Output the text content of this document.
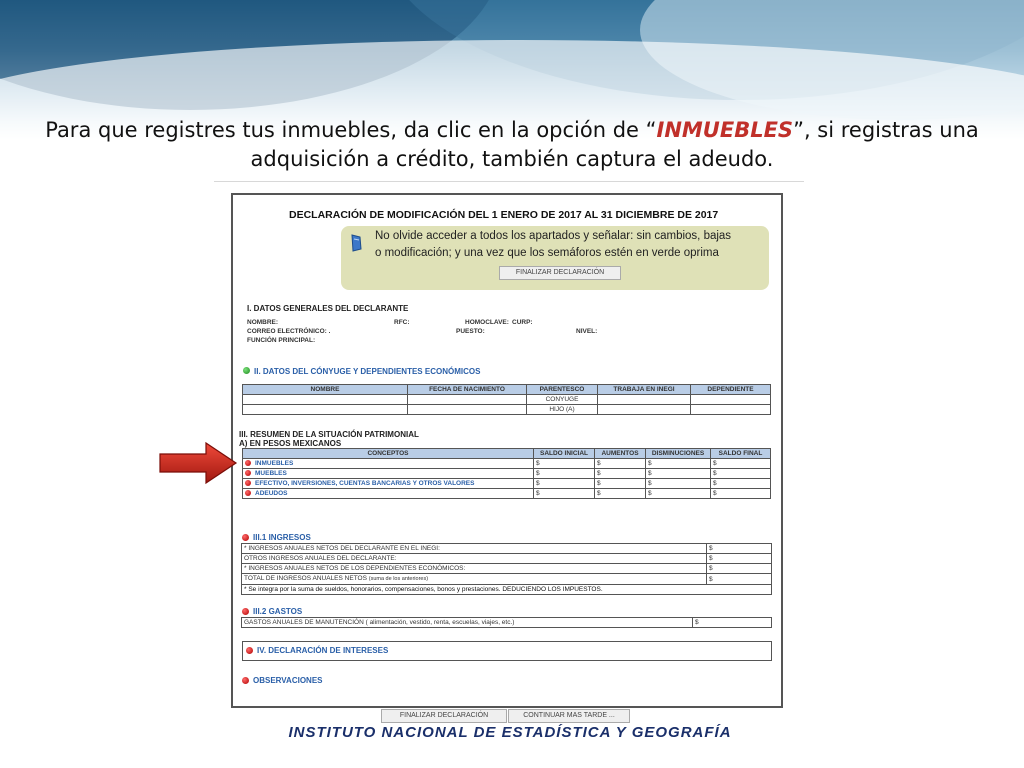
Para que registres tus inmuebles, da clic en la opción de “INMUEBLES”, si registras una adquisición a crédito, también captura el adeudo.
DECLARACIÓN DE MODIFICACIÓN DEL 1 ENERO DE 2017 AL 31 DICIEMBRE DE 2017
No olvide acceder a todos los apartados y señalar: sin cambios, bajas
o modificación; y una vez que los semáforos estén en verde oprima
FINALIZAR DECLARACIÓN
I. DATOS GENERALES DEL DECLARANTE
NOMBRE:	RFC:	HOMOCLAVE: CURP:
CORREO ELECTRÓNICO: .	PUESTO:	NIVEL:
FUNCIÓN PRINCIPAL:
II. DATOS DEL CÓNYUGE Y DEPENDIENTES ECONÓMICOS
NOMBRE	FECHA DE NACIMIENTO	PARENTESCO	TRABAJA EN INEGI	DEPENDIENTE
		CONYUGE		
		HIJO (A)		
III. RESUMEN DE LA SITUACIÓN PATRIMONIAL
A) EN PESOS MEXICANOS
CONCEPTOS	SALDO INICIAL	AUMENTOS	DISMINUCIONES	SALDO FINAL
INMUEBLES	$	$	$	$
MUEBLES	$	$	$	$
EFECTIVO, INVERSIONES, CUENTAS BANCARIAS Y OTROS VALORES	$	$	$	$
ADEUDOS	$	$	$	$
III.1 INGRESOS
* INGRESOS ANUALES NETOS DEL DECLARANTE EN EL INEGI:	$
OTROS INGRESOS ANUALES DEL DECLARANTE:	$
* INGRESOS ANUALES NETOS DE LOS DEPENDIENTES ECONÓMICOS:	$
TOTAL DE INGRESOS ANUALES NETOS (suma de los anteriores)	$
* Se integra por la suma de sueldos, honorarios, compensaciones, bonos y prestaciones. DEDUCIENDO LOS IMPUESTOS.	
III.2 GASTOS
GASTOS ANUALES DE MANUTENCIÓN ( alimentación, vestido, renta, escuelas, viajes, etc.)	$
IV. DECLARACIÓN DE INTERESES
OBSERVACIONES
FINALIZAR DECLARACIÓN	CONTINUAR MAS TARDE ...
INSTITUTO NACIONAL DE ESTADÍSTICA Y GEOGRAFÍA
